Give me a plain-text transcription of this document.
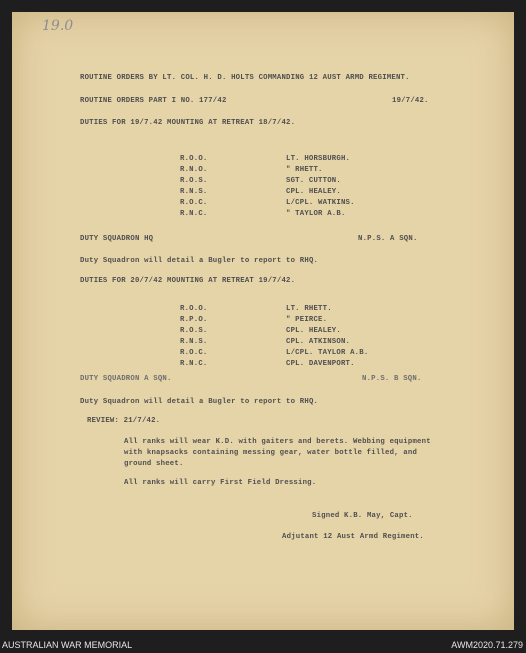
19.0
ROUTINE ORDERS BY LT. COL. H. D. HOLTS COMMANDING 12 AUST ARMD REGIMENT.
ROUTINE ORDERS PART I NO. 177/42	19/7/42.
DUTIES FOR 19/7.42 MOUNTING AT RETREAT 18/7/42.
R.O.O.	LT. HORSBURGH.
R.N.O.	" RHETT.
R.O.S.	SGT. CUTTON.
R.N.S.	CPL. HEALEY.
R.O.C.	L/CPL. WATKINS.
R.N.C.	" TAYLOR A.B.
DUTY SQUADRON HQ	N.P.S. A SQN.
Duty Squadron will detail a Bugler to report to RHQ.
DUTIES FOR 20/7/42 MOUNTING AT RETREAT 19/7/42.
R.O.O.	LT. RHETT.
R.P.O.	" PEIRCE.
R.O.S.	CPL. HEALEY.
R.N.S.	CPL. ATKINSON.
R.O.C.	L/CPL. TAYLOR A.B.
R.N.C.	CPL. DAVENPORT.
DUTY SQUADRON A SQN.	N.P.S. B SQN.
Duty Squadron will detail a Bugler to report to RHQ.
REVIEW: 21/7/42.
All ranks will wear K.D. with gaiters and berets. Webbing equipment
with knapsacks containing messing gear, water bottle filled, and
ground sheet.
All ranks will carry First Field Dressing.
Signed K.B. May, Capt.
Adjutant 12 Aust Armd Regiment.
AUSTRALIAN WAR MEMORIAL	AWM2020.71.279
